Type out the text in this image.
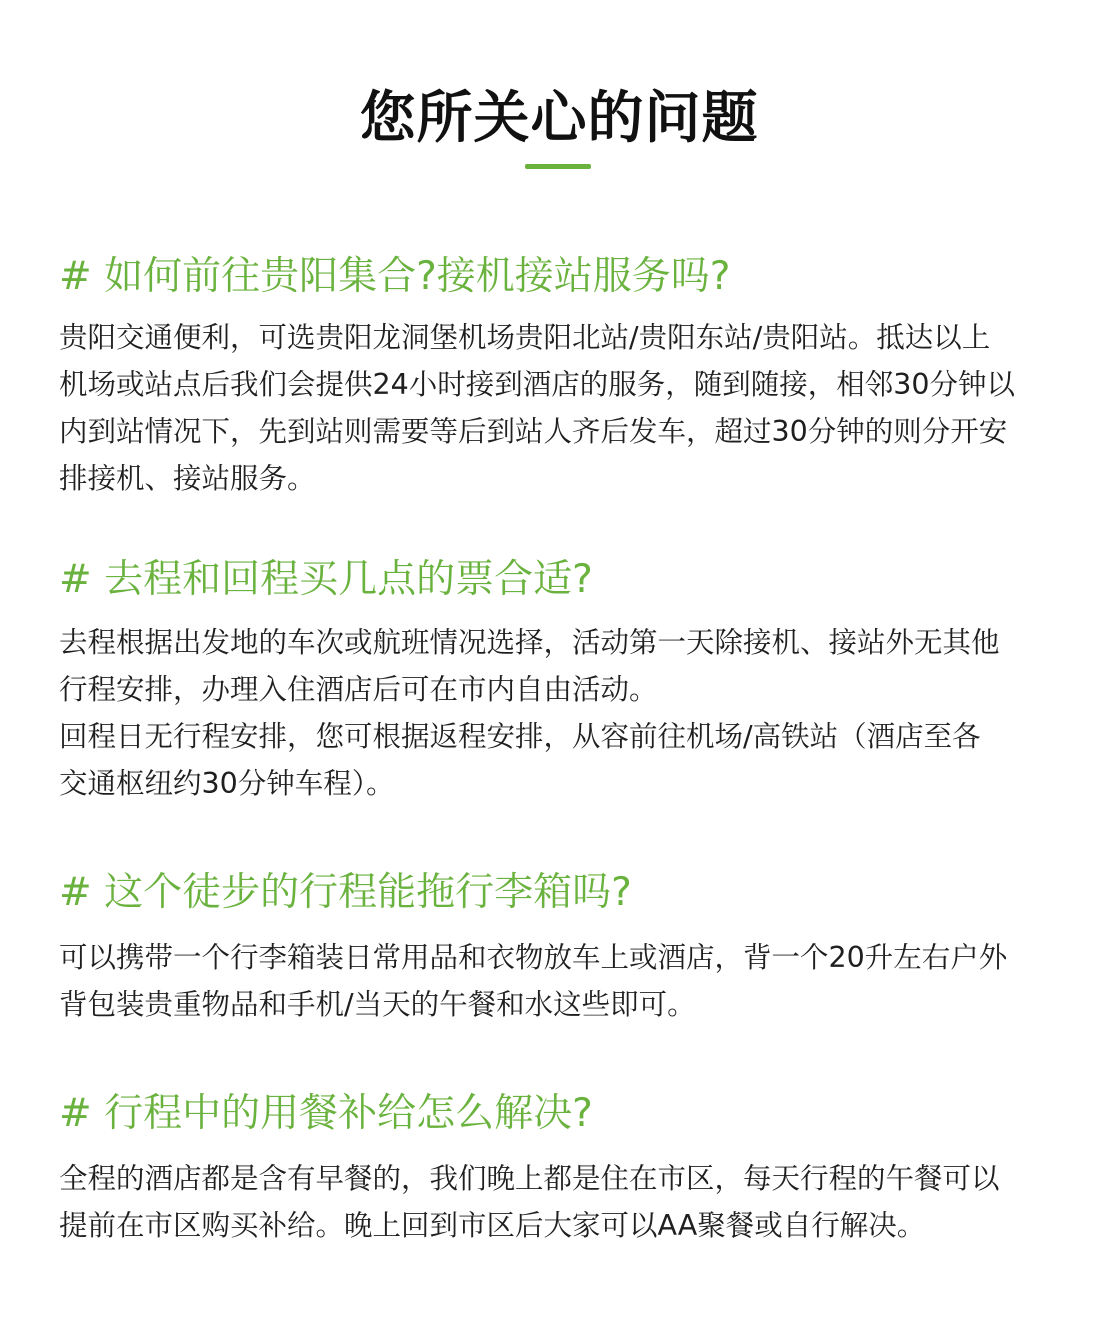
您所关心的问题
# 如何前往贵阳集合?接机接站服务吗?

贵阳交通便利，可选贵阳龙洞堡机场贵阳北站/贵阳东站/贵阳站。抵达以上
机场或站点后我们会提供24小时接到酒店的服务，随到随接，相邻30分钟以
内到站情况下，先到站则需要等后到站人齐后发车，超过30分钟的则分开安
排接机、接站服务。

# 去程和回程买几点的票合适?

去程根据出发地的车次或航班情况选择，活动第一天除接机、接站外无其他
行程安排，办理入住酒店后可在市内自由活动。
回程日无行程安排，您可根据返程安排，从容前往机场/高铁站（酒店至各
交通枢纽约30分钟车程）。

# 这个徒步的行程能拖行李箱吗?

可以携带一个行李箱装日常用品和衣物放车上或酒店，背一个20升左右户外
背包装贵重物品和手机/当天的午餐和水这些即可。

# 行程中的用餐补给怎么解决?

全程的酒店都是含有早餐的，我们晚上都是住在市区，每天行程的午餐可以
提前在市区购买补给。晚上回到市区后大家可以AA聚餐或自行解决。
